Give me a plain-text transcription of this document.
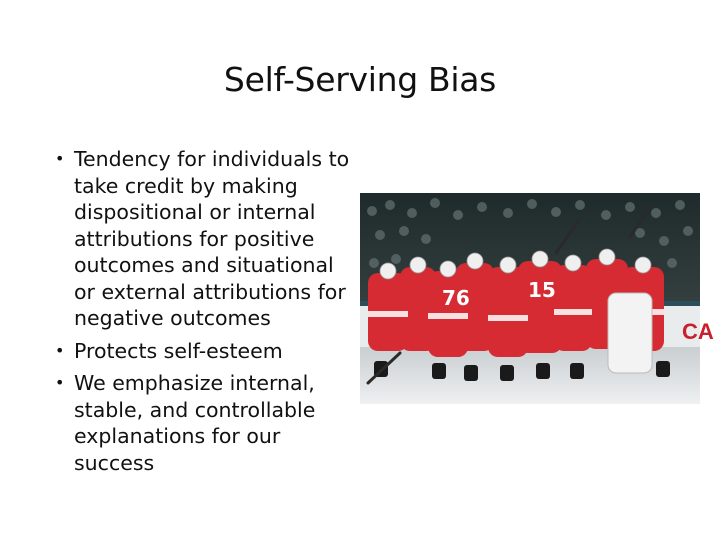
Self-Serving Bias
• Tendency for individuals to take credit by making dispositional or internal attributions for positive outcomes and situational or external attributions for negative outcomes
• Protects self-esteem
• We emphasize internal, stable, and controllable explanations for our success
CA
76	15
